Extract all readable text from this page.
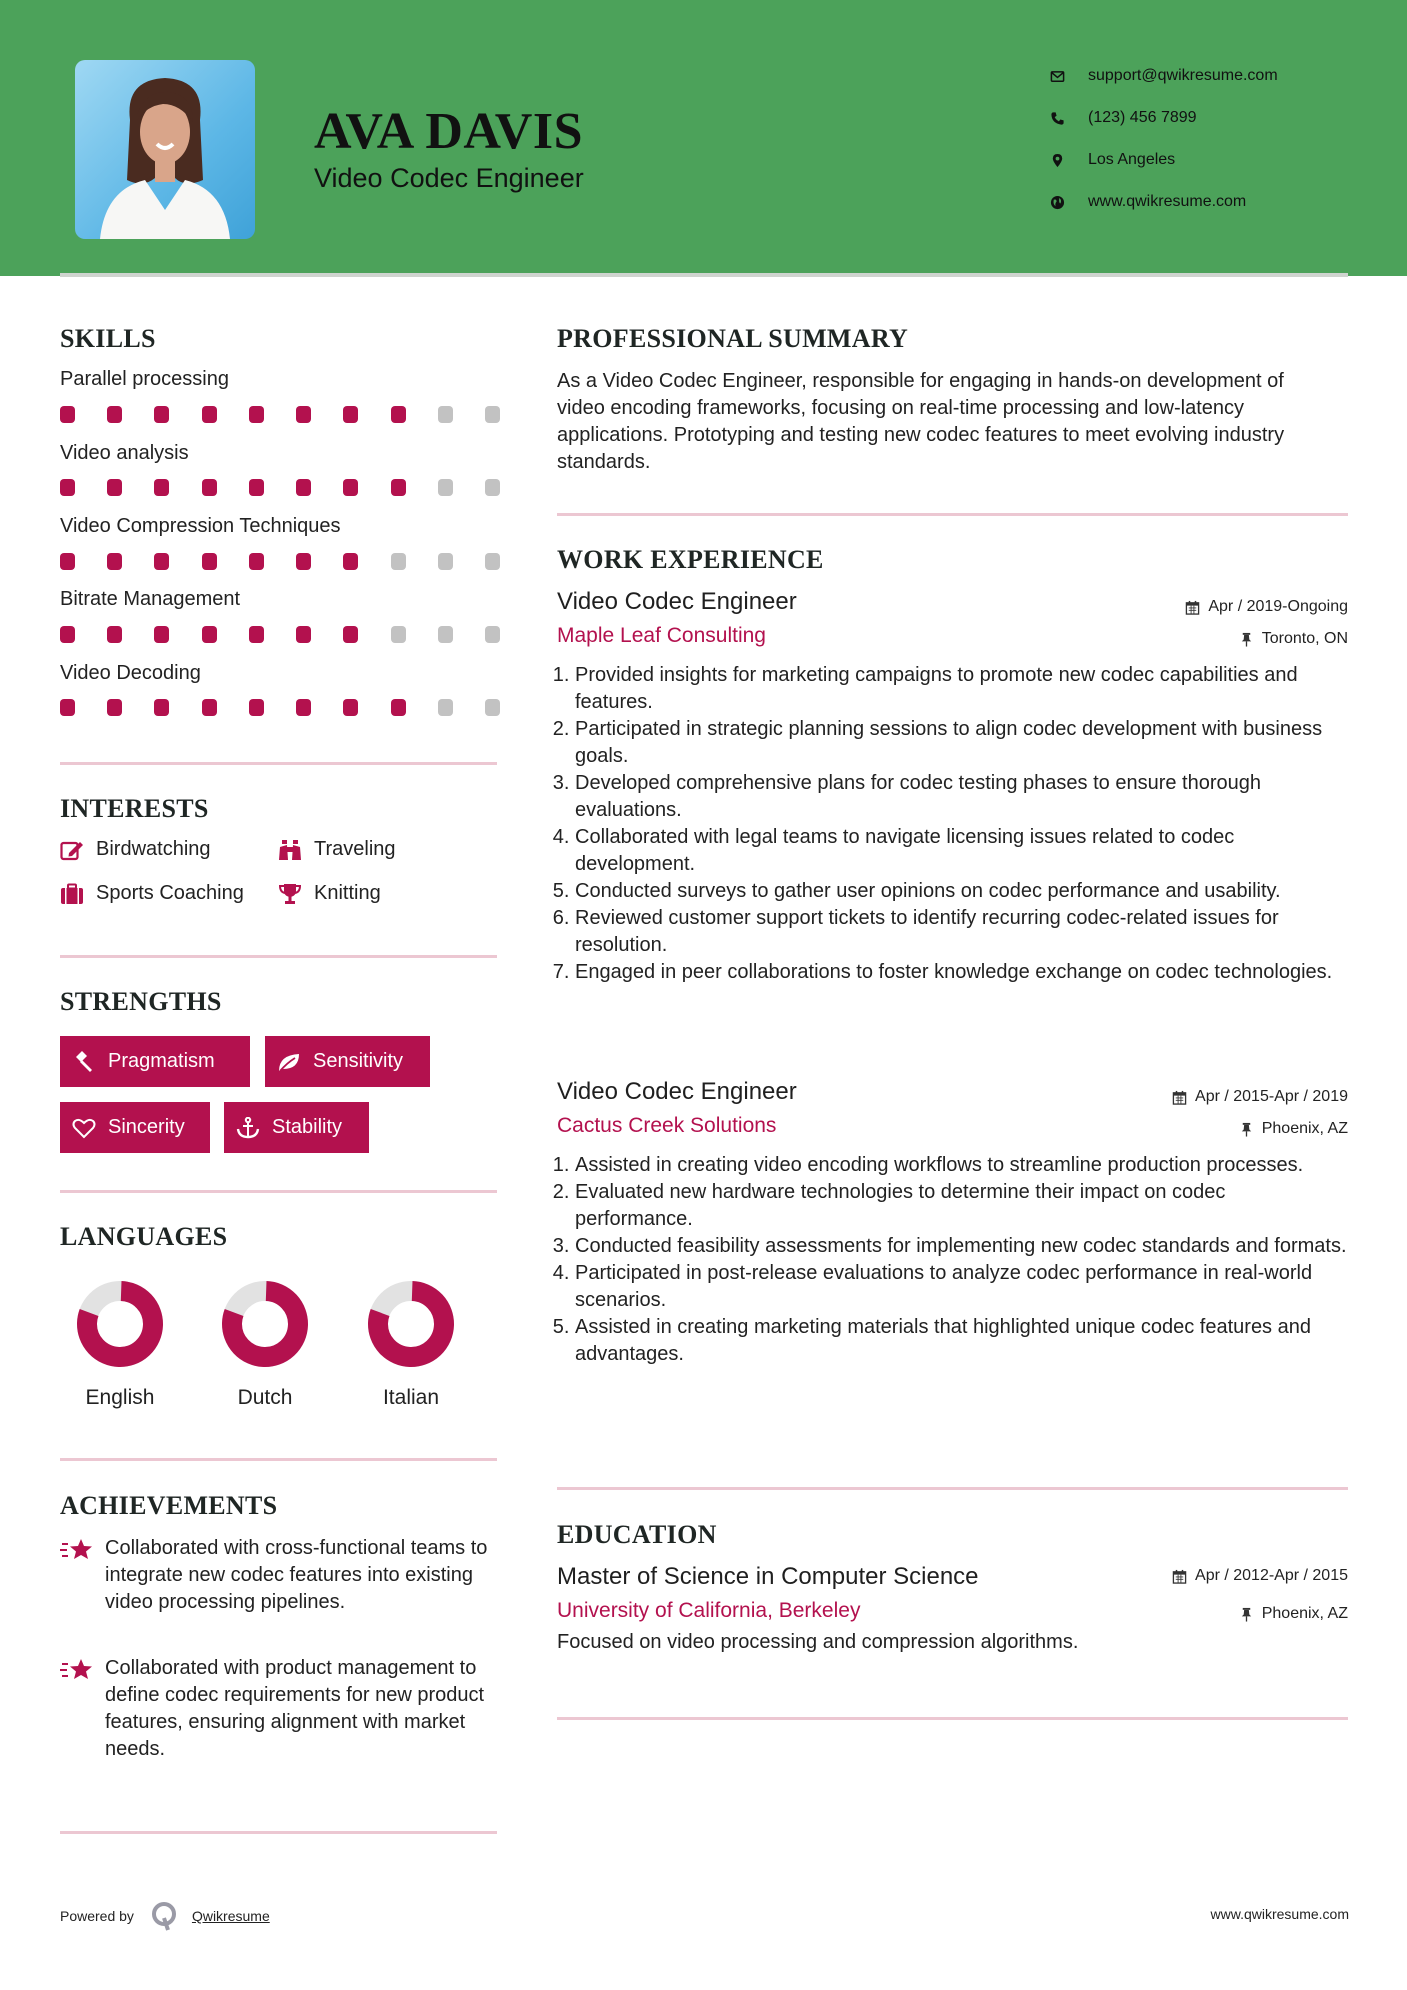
AVA DAVIS
Video Codec Engineer
support@qwikresume.com
(123) 456 7899
Los Angeles
www.qwikresume.com
SKILLS
Parallel processing
Video analysis
Video Compression Techniques
Bitrate Management
Video Decoding
INTERESTS
Birdwatching	Traveling
Sports Coaching	Knitting
STRENGTHS
Pragmatism	Sensitivity
Sincerity	Stability
LANGUAGES
English	Dutch	Italian
ACHIEVEMENTS
Collaborated with cross-functional teams to integrate new codec features into existing video processing pipelines.
Collaborated with product management to define codec requirements for new product features, ensuring alignment with market needs.
PROFESSIONAL SUMMARY
As a Video Codec Engineer, responsible for engaging in hands-on development of video encoding frameworks, focusing on real-time processing and low-latency applications. Prototyping and testing new codec features to meet evolving industry standards.
WORK EXPERIENCE
Video Codec Engineer	Apr / 2019-Ongoing
Maple Leaf Consulting	Toronto, ON
1. Provided insights for marketing campaigns to promote new codec capabilities and features.
2. Participated in strategic planning sessions to align codec development with business goals.
3. Developed comprehensive plans for codec testing phases to ensure thorough evaluations.
4. Collaborated with legal teams to navigate licensing issues related to codec development.
5. Conducted surveys to gather user opinions on codec performance and usability.
6. Reviewed customer support tickets to identify recurring codec-related issues for resolution.
7. Engaged in peer collaborations to foster knowledge exchange on codec technologies.
Video Codec Engineer	Apr / 2015-Apr / 2019
Cactus Creek Solutions	Phoenix, AZ
1. Assisted in creating video encoding workflows to streamline production processes.
2. Evaluated new hardware technologies to determine their impact on codec performance.
3. Conducted feasibility assessments for implementing new codec standards and formats.
4. Participated in post-release evaluations to analyze codec performance in real-world scenarios.
5. Assisted in creating marketing materials that highlighted unique codec features and advantages.
EDUCATION
Master of Science in Computer Science	Apr / 2012-Apr / 2015
University of California, Berkeley	Phoenix, AZ
Focused on video processing and compression algorithms.
Powered by	Qwikresume	www.qwikresume.com
